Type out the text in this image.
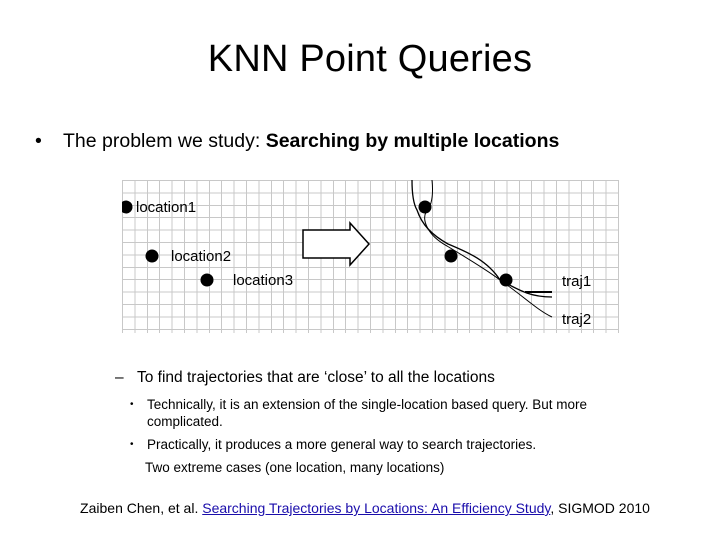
KNN Point Queries
• The problem we study: Searching by multiple locations
location1
location2
location3	traj1
traj2
– To find trajectories that are ‘close’ to all the locations
• Technically, it is an extension of the single-location based query. But more
complicated.
• Practically, it produces a more general way to search trajectories.
Two extreme cases (one location, many locations)
Zaiben Chen, et al. Searching Trajectories by Locations: An Efficiency Study, SIGMOD 2010
